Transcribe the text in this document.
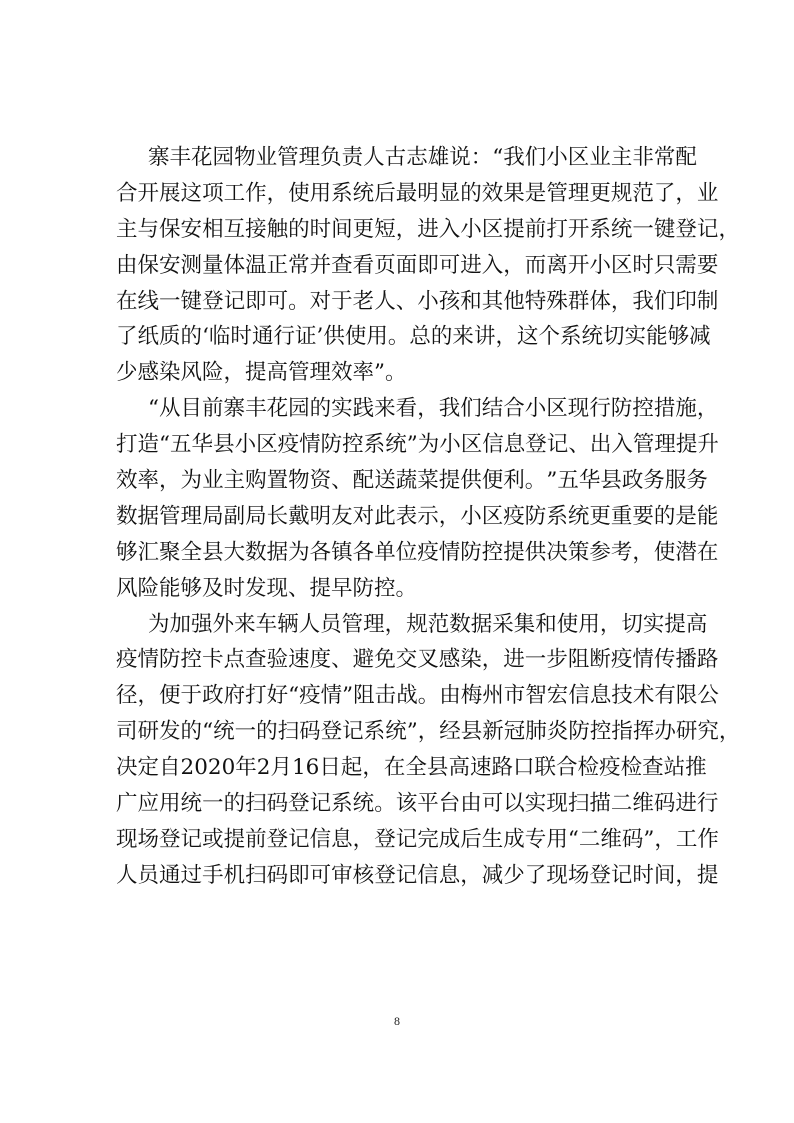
寨 丰 花 园 物 业 管 理 负 责 人 古 志 雄 说 ： “ 我 们 小 区 业 主 非 常 配
合 开 展 这 项 工 作 ， 使 用 系 统 后 最 明 显 的 效 果 是 管 理 更 规 范 了 ， 业
主 与 保 安 相 互 接 触 的 时 间 更 短 ， 进 入 小 区 提 前 打 开 系 统 一 键 登 记 ，
由 保 安 测 量 体 温 正 常 并 查 看 页 面 即 可 进 入 ， 而 离 开 小 区 时 只 需 要
在 线 一 键 登 记 即 可 。 对 于 老 人 、 小 孩 和 其 他 特 殊 群 体 ， 我 们 印 制
了 纸 质 的 ‘ 临 时 通 行 证 ’ 供 使 用 。 总 的 来 讲 ， 这 个 系 统 切 实 能 够 减
少感染风险，提高管理效率”。
“ 从 目 前 寨 丰 花 园 的 实 践 来 看 ， 我 们 结 合 小 区 现 行 防 控 措 施 ，
打 造 “ 五 华 县 小 区 疫 情 防 控 系 统 ” 为 小 区 信 息 登 记 、 出 入 管 理 提 升
效 率 ， 为 业 主 购 置 物 资 、 配 送 蔬 菜 提 供 便 利 。 ” 五 华 县 政 务 服 务
数 据 管 理 局 副 局 长 戴 明 友 对 此 表 示 ， 小 区 疫 防 系 统 更 重 要 的 是 能
够 汇 聚 全 县 大 数 据 为 各 镇 各 单 位 疫 情 防 控 提 供 决 策 参 考 ， 使 潜 在
风险能够及时发现、提早防控。
为 加 强 外 来 车 辆 人 员 管 理 ， 规 范 数 据 采 集 和 使 用 ， 切 实 提 高
疫 情 防 控 卡 点 查 验 速 度 、 避 免 交 叉 感 染 ， 进 一 步 阻 断 疫 情 传 播 路
径 ， 便 于 政 府 打 好 “ 疫 情 ” 阻 击 战 。 由 梅 州 市 智 宏 信 息 技 术 有 限 公
司 研 发 的 “ 统 一 的 扫 码 登 记 系 统 ” ， 经 县 新 冠 肺 炎 防 控 指 挥 办 研 究 ，
决 定 自 2020 年 2 月 16 日 起 ， 在 全 县 高 速 路 口 联 合 检 疫 检 查 站 推
广 应 用 统 一 的 扫 码 登 记 系 统 。 该 平 台 由 可 以 实 现 扫 描 二 维 码 进 行
现 场 登 记 或 提 前 登 记 信 息 ， 登 记 完 成 后 生 成 专 用 “ 二 维 码 ” ， 工 作
人 员 通 过 手 机 扫 码 即 可 审 核 登 记 信 息 ， 减 少 了 现 场 登 记 时 间 ， 提
8
